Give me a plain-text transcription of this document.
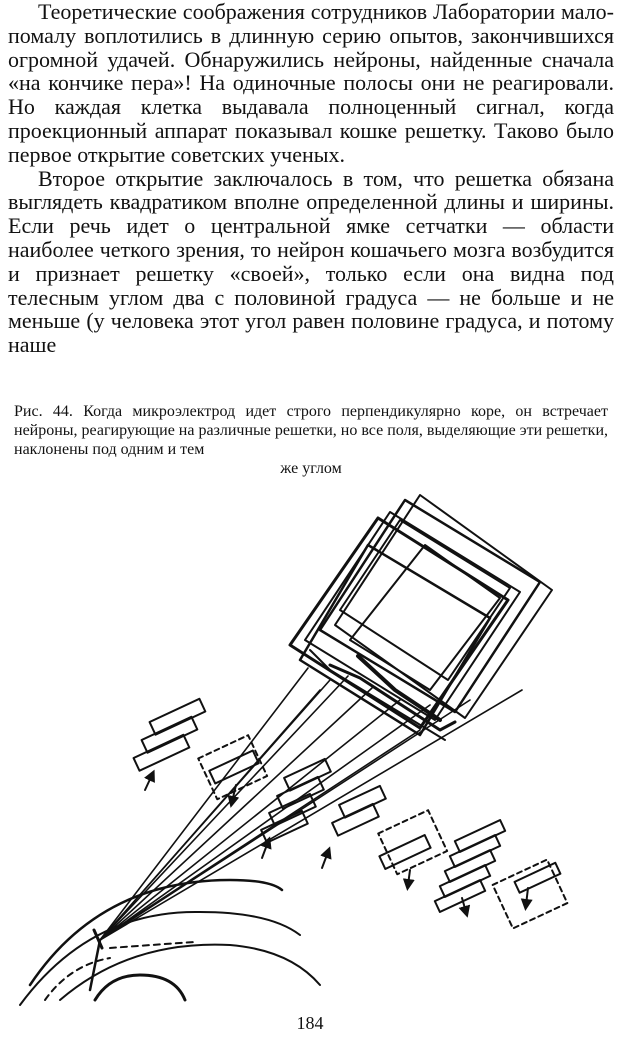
Теоретические соображения сотрудников Лаборатории мало-помалу воплотились в длинную серию опытов, закончившихся огромной удачей. Обнаружились нейроны, найденные сначала «на кончике пера»! На одиночные полосы они не реагировали. Но каждая клетка выдавала полноценный сигнал, когда проекционный аппарат показывал кошке решетку. Таково было первое открытие советских ученых.

Второе открытие заключалось в том, что решетка обязана выглядеть квадратиком вполне определенной длины и ширины. Если речь идет о центральной ямке сетчатки — области наиболее четкого зрения, то нейрон кошачьего мозга возбудится и признает решетку «своей», только если она видна под телесным углом два с половиной градуса — не больше и не меньше (у человека этот угол равен половине градуса, и потому наше

Рис. 44. Когда микроэлектрод идет строго перпендикулярно коре, он встречает нейроны, реагирующие на различные решетки, но все поля, выделяющие эти решетки, наклонены под одним и тем
же углом
184
